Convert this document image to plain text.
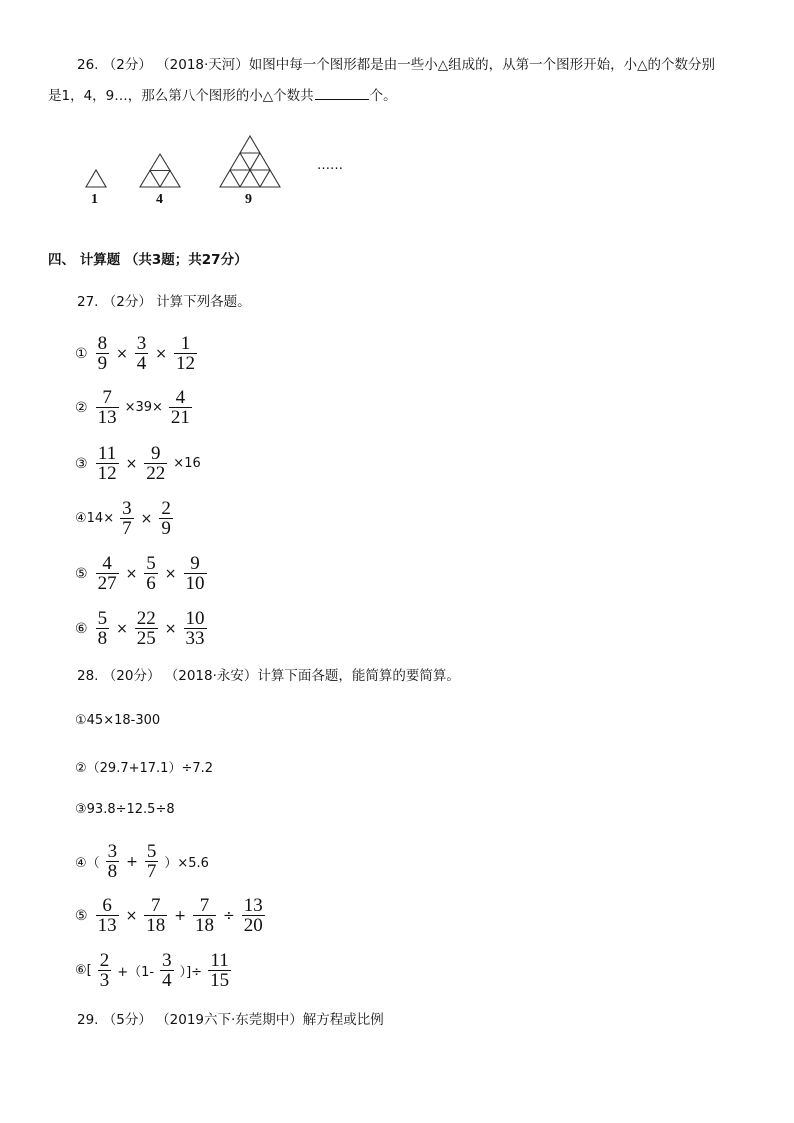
26. （2分） （2018·天河）如图中每一个图形都是由一些小△组成的，从第一个图形开始，小△的个数分别
是1，4，9…，那么第八个图形的小△个数共	个。
1	4	9
……
四、 计算题 （共3题；共27分）
27. （2分） 计算下列各题。
① $\frac{8}{9} \times \frac{3}{4} \times \frac{1}{12}$
② $\frac{7}{13} \times 39\times \frac{4}{21}$
③ $\frac{11}{12} \times \frac{9}{22} \times 16$
④14× $\frac{3}{7} \times \frac{2}{9}$
⑤ $\frac{4}{27} \times \frac{5}{6} \times \frac{9}{10}$
⑥ $\frac{5}{8} \times \frac{22}{25} \times \frac{10}{33}$
28. （20分） （2018·永安）计算下面各题，能简算的要简算。
①45×18-300
②（29.7+17.1）÷7.2
③93.8÷12.5÷8
④（ $\frac{3}{8} + \frac{5}{7} )\times 5.6$
⑤ $\frac{6}{13} \times \frac{7}{18} + \frac{7}{18} \div \frac{13}{20}$
⑥[ $\frac{2}{3} +(1- \frac{3}{4}$ ）]÷ $\frac{11}{15}$
29. （5分） （2019六下·东莞期中）解方程或比例
